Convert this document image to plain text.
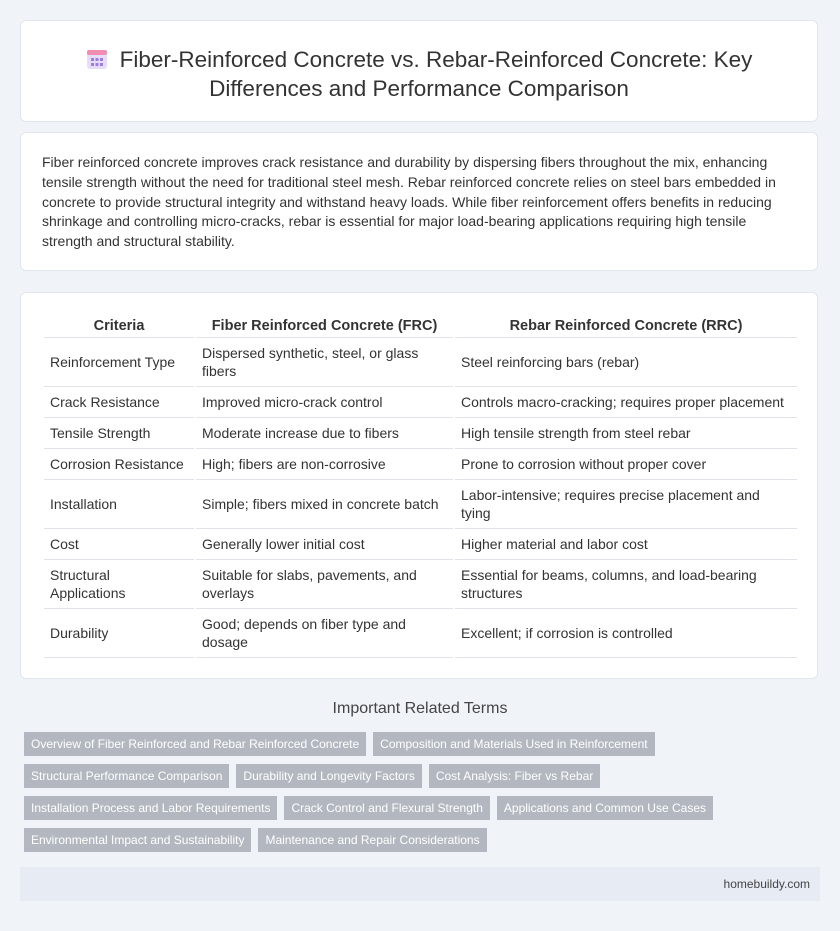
Fiber-Reinforced Concrete vs. Rebar-Reinforced Concrete: Key Differences and Performance Comparison

Fiber reinforced concrete improves crack resistance and durability by dispersing fibers throughout the mix, enhancing tensile strength without the need for traditional steel mesh. Rebar reinforced concrete relies on steel bars embedded in concrete to provide structural integrity and withstand heavy loads. While fiber reinforcement offers benefits in reducing shrinkage and controlling micro-cracks, rebar is essential for major load-bearing applications requiring high tensile strength and structural stability.

Criteria	Fiber Reinforced Concrete (FRC)	Rebar Reinforced Concrete (RRC)
Reinforcement Type	Dispersed synthetic, steel, or glass fibers	Steel reinforcing bars (rebar)
Crack Resistance	Improved micro-crack control	Controls macro-cracking; requires proper placement
Tensile Strength	Moderate increase due to fibers	High tensile strength from steel rebar
Corrosion Resistance	High; fibers are non-corrosive	Prone to corrosion without proper cover
Installation	Simple; fibers mixed in concrete batch	Labor-intensive; requires precise placement and tying
Cost	Generally lower initial cost	Higher material and labor cost
Structural Applications	Suitable for slabs, pavements, and overlays	Essential for beams, columns, and load-bearing structures
Durability	Good; depends on fiber type and dosage	Excellent; if corrosion is controlled
Important Related Terms
Overview of Fiber Reinforced and Rebar Reinforced Concrete Composition and Materials Used in Reinforcement
Structural Performance Comparison Durability and Longevity Factors Cost Analysis: Fiber vs Rebar
Installation Process and Labor Requirements Crack Control and Flexural Strength Applications and Common Use Cases
Environmental Impact and Sustainability Maintenance and Repair Considerations
homebuildy.com
